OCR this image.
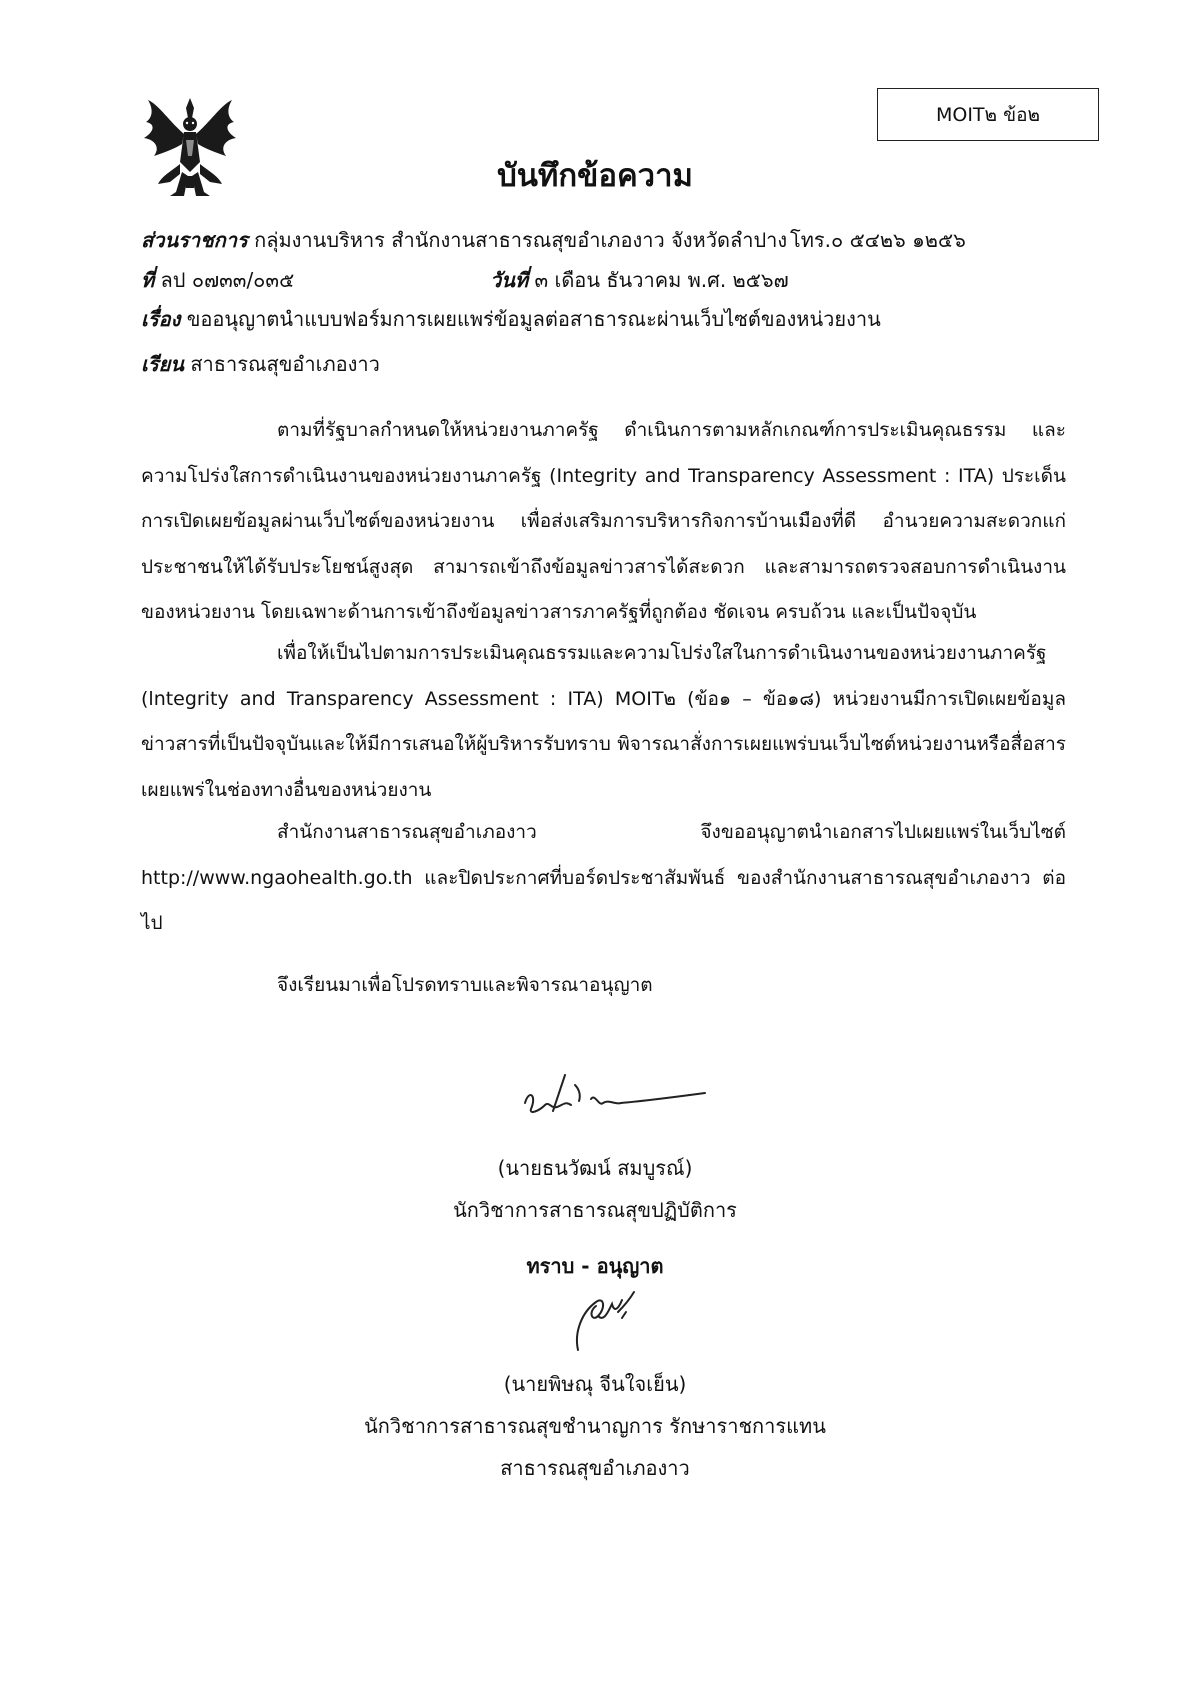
MOIT๒ ข้อ๒
บันทึกข้อความ
ส่วนราชการ กลุ่มงานบริหาร สำนักงานสาธารณสุขอำเภองาว จังหวัดลำปาง โทร.๐ ๕๔๒๖ ๑๒๕๖
ที่ ลป ๐๗๓๓/๐๓๕	วันที่ ๓ เดือน ธันวาคม พ.ศ. ๒๕๖๗
เรื่อง ขออนุญาตนำแบบฟอร์มการเผยแพร่ข้อมูลต่อสาธารณะผ่านเว็บไซต์ของหน่วยงาน
เรียน สาธารณสุขอำเภองาว

ตามที่รัฐบาลกำหนดให้หน่วยงานภาครัฐ ดำเนินการตามหลักเกณฑ์การประเมินคุณธรรม และความโปร่งใสการดำเนินงานของหน่วยงานภาครัฐ (Integrity and Transparency Assessment : ITA) ประเด็นการเปิดเผยข้อมูลผ่านเว็บไซต์ของหน่วยงาน เพื่อส่งเสริมการบริหารกิจการบ้านเมืองที่ดี อำนวยความสะดวกแก่ประชาชนให้ได้รับประโยชน์สูงสุด สามารถเข้าถึงข้อมูลข่าวสารได้สะดวก และสามารถตรวจสอบการดำเนินงานของหน่วยงาน โดยเฉพาะด้านการเข้าถึงข้อมูลข่าวสารภาครัฐที่ถูกต้อง ชัดเจน ครบถ้วน และเป็นปัจจุบัน

เพื่อให้เป็นไปตามการประเมินคุณธรรมและความโปร่งใสในการดำเนินงานของหน่วยงานภาครัฐ (lntegrity and Transparency Assessment : ITA) MOIT๒ (ข้อ๑ – ข้อ๑๘) หน่วยงานมีการเปิดเผยข้อมูลข่าวสารที่เป็นปัจจุบันและให้มีการเสนอให้ผู้บริหารรับทราบ พิจารณาสั่งการเผยแพร่บนเว็บไซต์หน่วยงานหรือสื่อสารเผยแพร่ในช่องทางอื่นของหน่วยงาน

สำนักงานสาธารณสุขอำเภองาว จึงขออนุญาตนำเอกสารไปเผยแพร่ในเว็บไซต์ http://www.ngaohealth.go.th และปิดประกาศที่บอร์ดประชาสัมพันธ์ ของสำนักงานสาธารณสุขอำเภองาว ต่อไป

จึงเรียนมาเพื่อโปรดทราบและพิจารณาอนุญาต

(นายธนวัฒน์ สมบูรณ์)
นักวิชาการสาธารณสุขปฏิบัติการ
ทราบ - อนุญาต
(นายพิษณุ จีนใจเย็น)
นักวิชาการสาธารณสุขชำนาญการ รักษาราชการแทน
สาธารณสุขอำเภองาว
